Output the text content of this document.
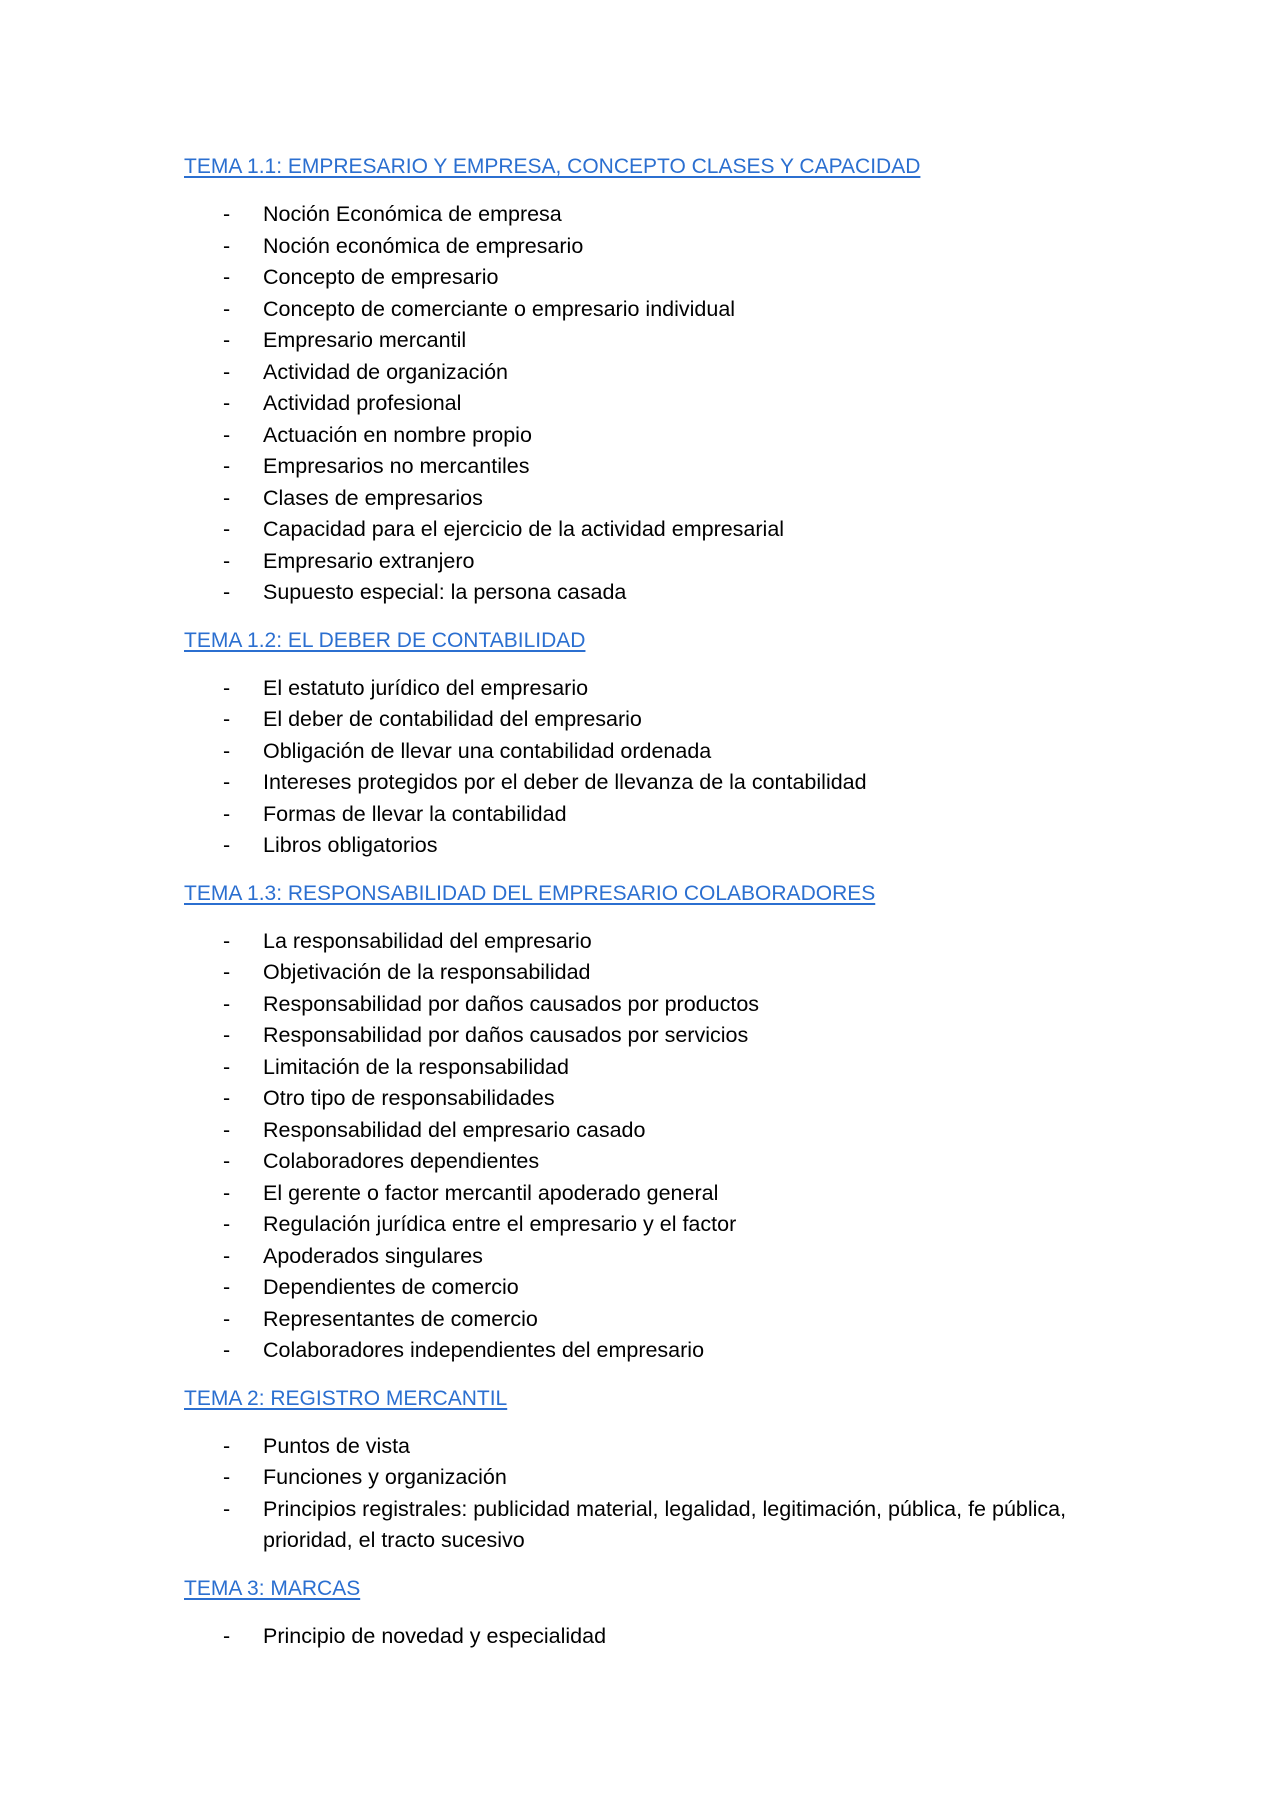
TEMA 1.1: EMPRESARIO Y EMPRESA, CONCEPTO CLASES Y CAPACIDAD
- Noción Económica de empresa
- Noción económica de empresario
- Concepto de empresario
- Concepto de comerciante o empresario individual
- Empresario mercantil
- Actividad de organización
- Actividad profesional
- Actuación en nombre propio
- Empresarios no mercantiles
- Clases de empresarios
- Capacidad para el ejercicio de la actividad empresarial
- Empresario extranjero
- Supuesto especial: la persona casada
TEMA 1.2: EL DEBER DE CONTABILIDAD
- El estatuto jurídico del empresario
- El deber de contabilidad del empresario
- Obligación de llevar una contabilidad ordenada
- Intereses protegidos por el deber de llevanza de la contabilidad
- Formas de llevar la contabilidad
- Libros obligatorios
TEMA 1.3: RESPONSABILIDAD DEL EMPRESARIO COLABORADORES
- La responsabilidad del empresario
- Objetivación de la responsabilidad
- Responsabilidad por daños causados por productos
- Responsabilidad por daños causados por servicios
- Limitación de la responsabilidad
- Otro tipo de responsabilidades
- Responsabilidad del empresario casado
- Colaboradores dependientes
- El gerente o factor mercantil apoderado general
- Regulación jurídica entre el empresario y el factor
- Apoderados singulares
- Dependientes de comercio
- Representantes de comercio
- Colaboradores independientes del empresario
TEMA 2: REGISTRO MERCANTIL
- Puntos de vista
- Funciones y organización
- Principios registrales: publicidad material, legalidad, legitimación, pública, fe pública, prioridad, el tracto sucesivo
TEMA 3: MARCAS
- Principio de novedad y especialidad
